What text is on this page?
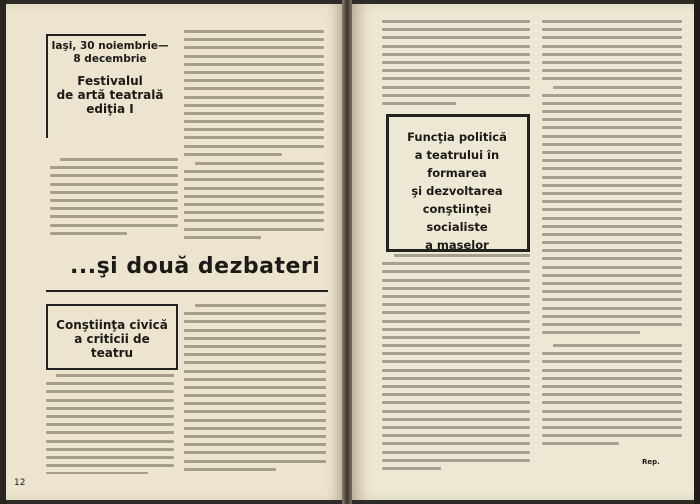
Iaşi, 30 noiembrie—

8 decembrie

Festivalul
de artă teatrală
ediţia I

...şi două dezbateri

Conştiinţa civică
a criticii de teatru

12

Funcţia politică
a teatrului în formarea
şi dezvoltarea
conştiinţei socialiste
a maselor

Rep.
